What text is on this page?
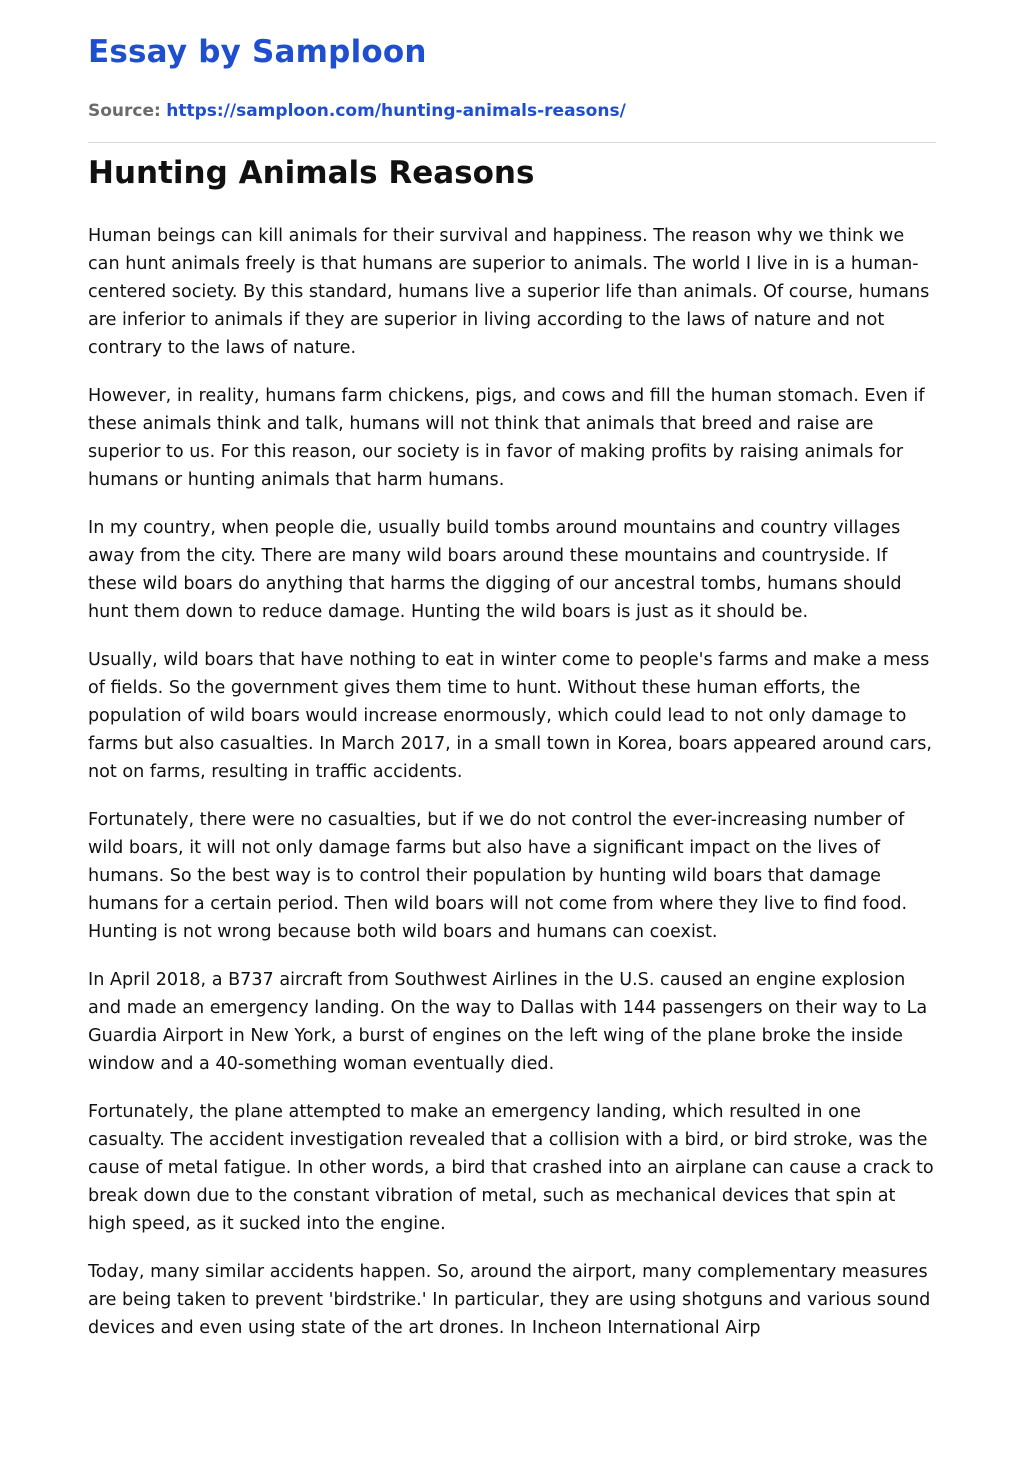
Essay by Samploon
Source: https://samploon.com/hunting-animals-reasons/
Hunting Animals Reasons

Human beings can kill animals for their survival and happiness. The reason why we think we can hunt animals freely is that humans are superior to animals. The world I live in is a human-centered society. By this standard, humans live a superior life than animals. Of course, humans are inferior to animals if they are superior in living according to the laws of nature and not contrary to the laws of nature.

However, in reality, humans farm chickens, pigs, and cows and fill the human stomach. Even if these animals think and talk, humans will not think that animals that breed and raise are superior to us. For this reason, our society is in favor of making profits by raising animals for humans or hunting animals that harm humans.

In my country, when people die, usually build tombs around mountains and country villages away from the city. There are many wild boars around these mountains and countryside. If these wild boars do anything that harms the digging of our ancestral tombs, humans should hunt them down to reduce damage. Hunting the wild boars is just as it should be.

Usually, wild boars that have nothing to eat in winter come to people's farms and make a mess of fields. So the government gives them time to hunt. Without these human efforts, the population of wild boars would increase enormously, which could lead to not only damage to farms but also casualties. In March 2017, in a small town in Korea, boars appeared around cars, not on farms, resulting in traffic accidents.

Fortunately, there were no casualties, but if we do not control the ever-increasing number of wild boars, it will not only damage farms but also have a significant impact on the lives of humans. So the best way is to control their population by hunting wild boars that damage humans for a certain period. Then wild boars will not come from where they live to find food. Hunting is not wrong because both wild boars and humans can coexist.

In April 2018, a B737 aircraft from Southwest Airlines in the U.S. caused an engine explosion and made an emergency landing. On the way to Dallas with 144 passengers on their way to La Guardia Airport in New York, a burst of engines on the left wing of the plane broke the inside window and a 40-something woman eventually died.

Fortunately, the plane attempted to make an emergency landing, which resulted in one casualty. The accident investigation revealed that a collision with a bird, or bird stroke, was the cause of metal fatigue. In other words, a bird that crashed into an airplane can cause a crack to break down due to the constant vibration of metal, such as mechanical devices that spin at high speed, as it sucked into the engine.

Today, many similar accidents happen. So, around the airport, many complementary measures are being taken to prevent 'birdstrike.' In particular, they are using shotguns and various sound devices and even using state of the art drones. In Incheon International Airp
